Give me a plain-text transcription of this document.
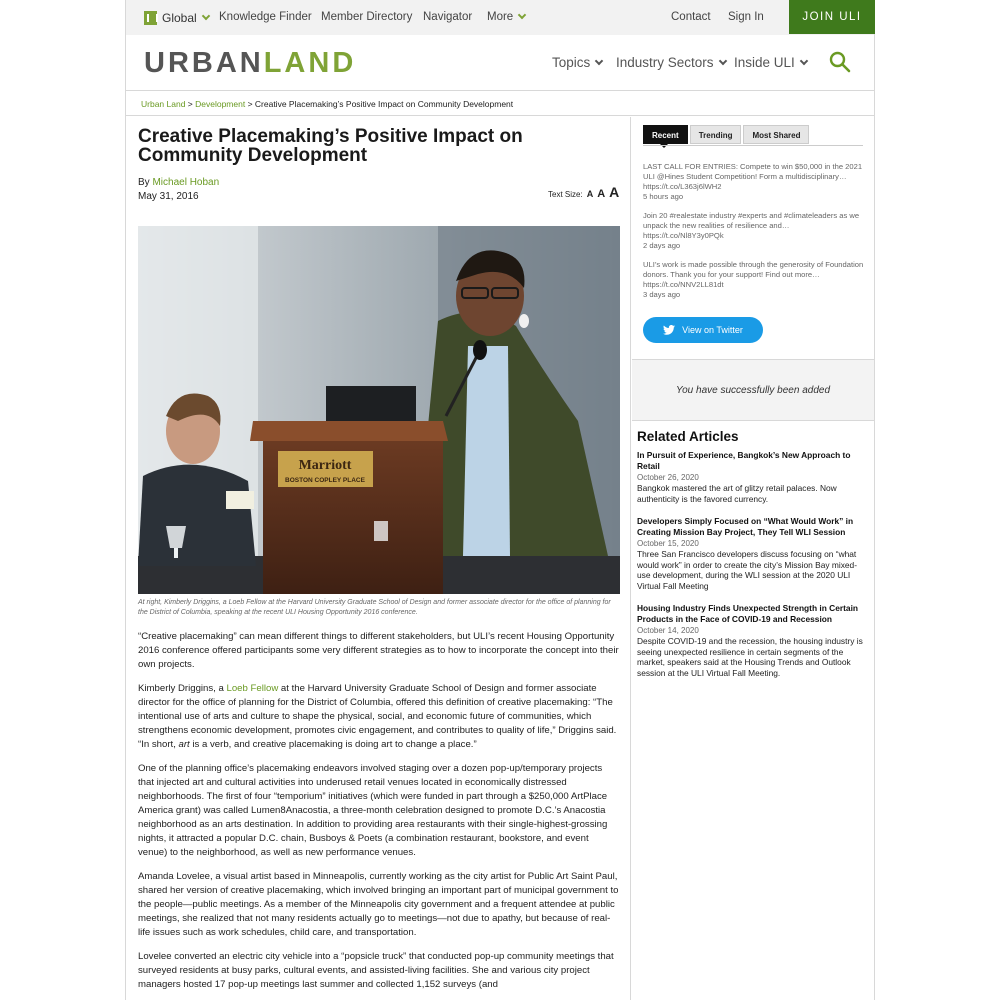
Global Knowledge Finder Member Directory Navigator More	Contact Sign In	JOIN ULI
URBANLAND	Topics Industry Sectors Inside ULI
Urban Land > Development > Creative Placemaking’s Positive Impact on Community Development
Creative Placemaking’s Positive Impact on Community Development
By Michael Hoban
May 31, 2016	Text Size: A A A
Marriott
BOSTON COPLEY PLACE
At right, Kimberly Driggins, a Loeb Fellow at the Harvard University Graduate School of Design and former associate director for the office of planning for the District of Columbia, speaking at the recent ULI Housing Opportunity 2016 conference.

“Creative placemaking” can mean different things to different stakeholders, but ULI’s recent Housing Opportunity 2016 conference offered participants some very different strategies as to how to incorporate the concept into their own projects.

Kimberly Driggins, a Loeb Fellow at the Harvard University Graduate School of Design and former associate director for the office of planning for the District of Columbia, offered this definition of creative placemaking: “The intentional use of arts and culture to shape the physical, social, and economic future of communities, which strengthens economic development, promotes civic engagement, and contributes to quality of life,” Driggins said. “In short, art is a verb, and creative placemaking is doing art to change a place.”

One of the planning office’s placemaking endeavors involved staging over a dozen pop-up/temporary projects that injected art and cultural activities into underused retail venues located in economically distressed neighborhoods. The first of four “temporium” initiatives (which were funded in part through a $250,000 ArtPlace America grant) was called Lumen8Anacostia, a three-month celebration designed to promote D.C.’s Anacostia neighborhood as an arts destination. In addition to providing area restaurants with their single-highest-grossing nights, it attracted a popular D.C. chain, Busboys & Poets (a combination restaurant, bookstore, and event venue) to the neighborhood, as well as new performance venues.

Amanda Lovelee, a visual artist based in Minneapolis, currently working as the city artist for Public Art Saint Paul, shared her version of creative placemaking, which involved bringing an important part of municipal government to the people—public meetings. As a member of the Minneapolis city government and a frequent attendee at public meetings, she realized that not many residents actually go to meetings—not due to apathy, but because of real-life issues such as work schedules, child care, and transportation.

Lovelee converted an electric city vehicle into a “popsicle truck” that conducted pop-up community meetings that surveyed residents at busy parks, cultural events, and assisted-living facilities. She and various city project managers hosted 17 pop-up meetings last summer and collected 1,152 surveys (and

Recent	Trending	Most Shared
LAST CALL FOR ENTRIES: Compete to win $50,000 in the 2021 ULI @Hines Student Competition! Form a multidisciplinary… https://t.co/L363j6lWH2
5 hours ago
Join 20 #realestate industry #experts and #climateleaders as we unpack the new realities of resilience and… https://t.co/Nl8Y3y0PQk
2 days ago
ULI’s work is made possible through the generosity of Foundation donors. Thank you for your support! Find out more… https://t.co/NNV2LL81dt
3 days ago
View on Twitter
You have successfully been added
Related Articles
In Pursuit of Experience, Bangkok’s New Approach to Retail
October 26, 2020
Bangkok mastered the art of glitzy retail palaces. Now authenticity is the favored currency.
Developers Simply Focused on “What Would Work” in Creating Mission Bay Project, They Tell WLI Session
October 15, 2020
Three San Francisco developers discuss focusing on “what would work” in order to create the city’s Mission Bay mixed-use development, during the WLI session at the 2020 ULI Virtual Fall Meeting
Housing Industry Finds Unexpected Strength in Certain Products in the Face of COVID-19 and Recession
October 14, 2020
Despite COVID-19 and the recession, the housing industry is seeing unexpected resilience in certain segments of the market, speakers said at the Housing Trends and Outlook session at the ULI Virtual Fall Meeting.
